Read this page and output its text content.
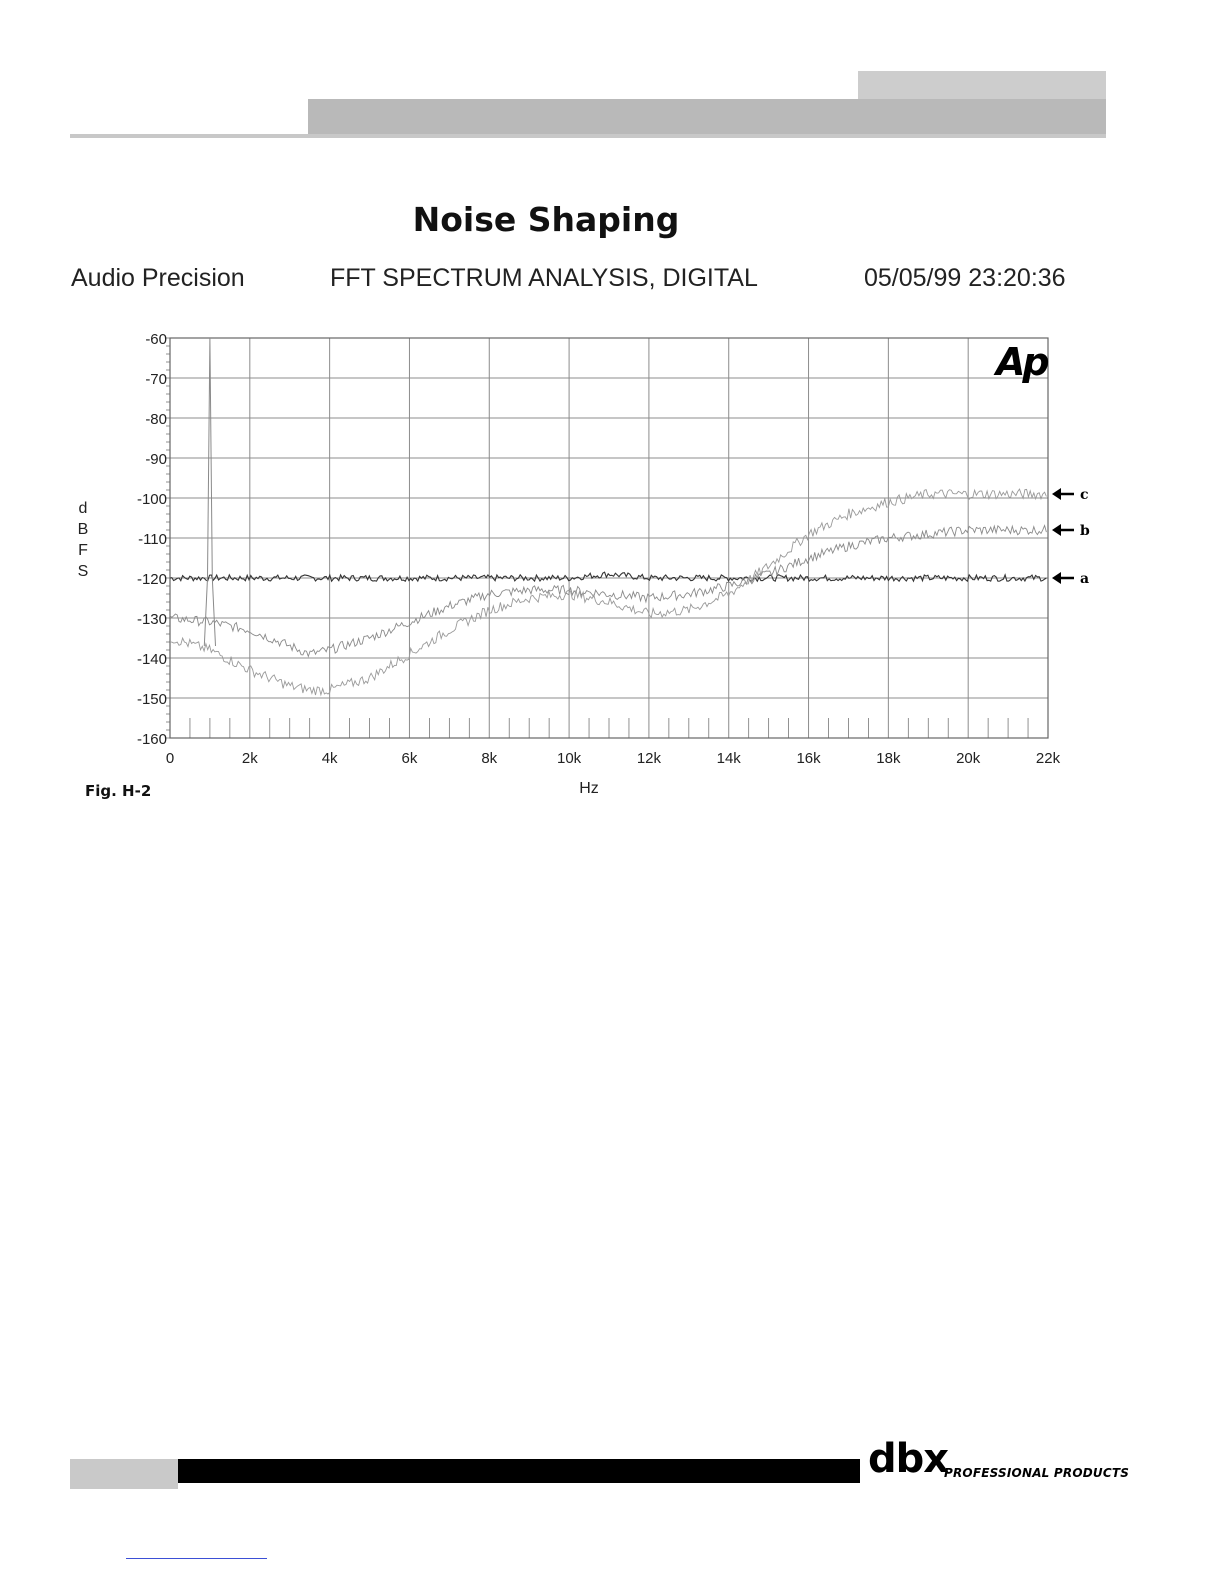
Noise Shaping
Audio Precision	FFT SPECTRUM ANALYSIS, DIGITAL	05/05/99 23:20:36
d
B
F
S
-60
-70
-80
-90
-100
-110
-120
-130
-140
-150
-160
0	2k	4k	6k	8k	10k	12k	14k	16k	18k	20k	22k
Hz
a
b
c
Ap
Fig. H-2
dbx
PROFESSIONAL PRODUCTS
